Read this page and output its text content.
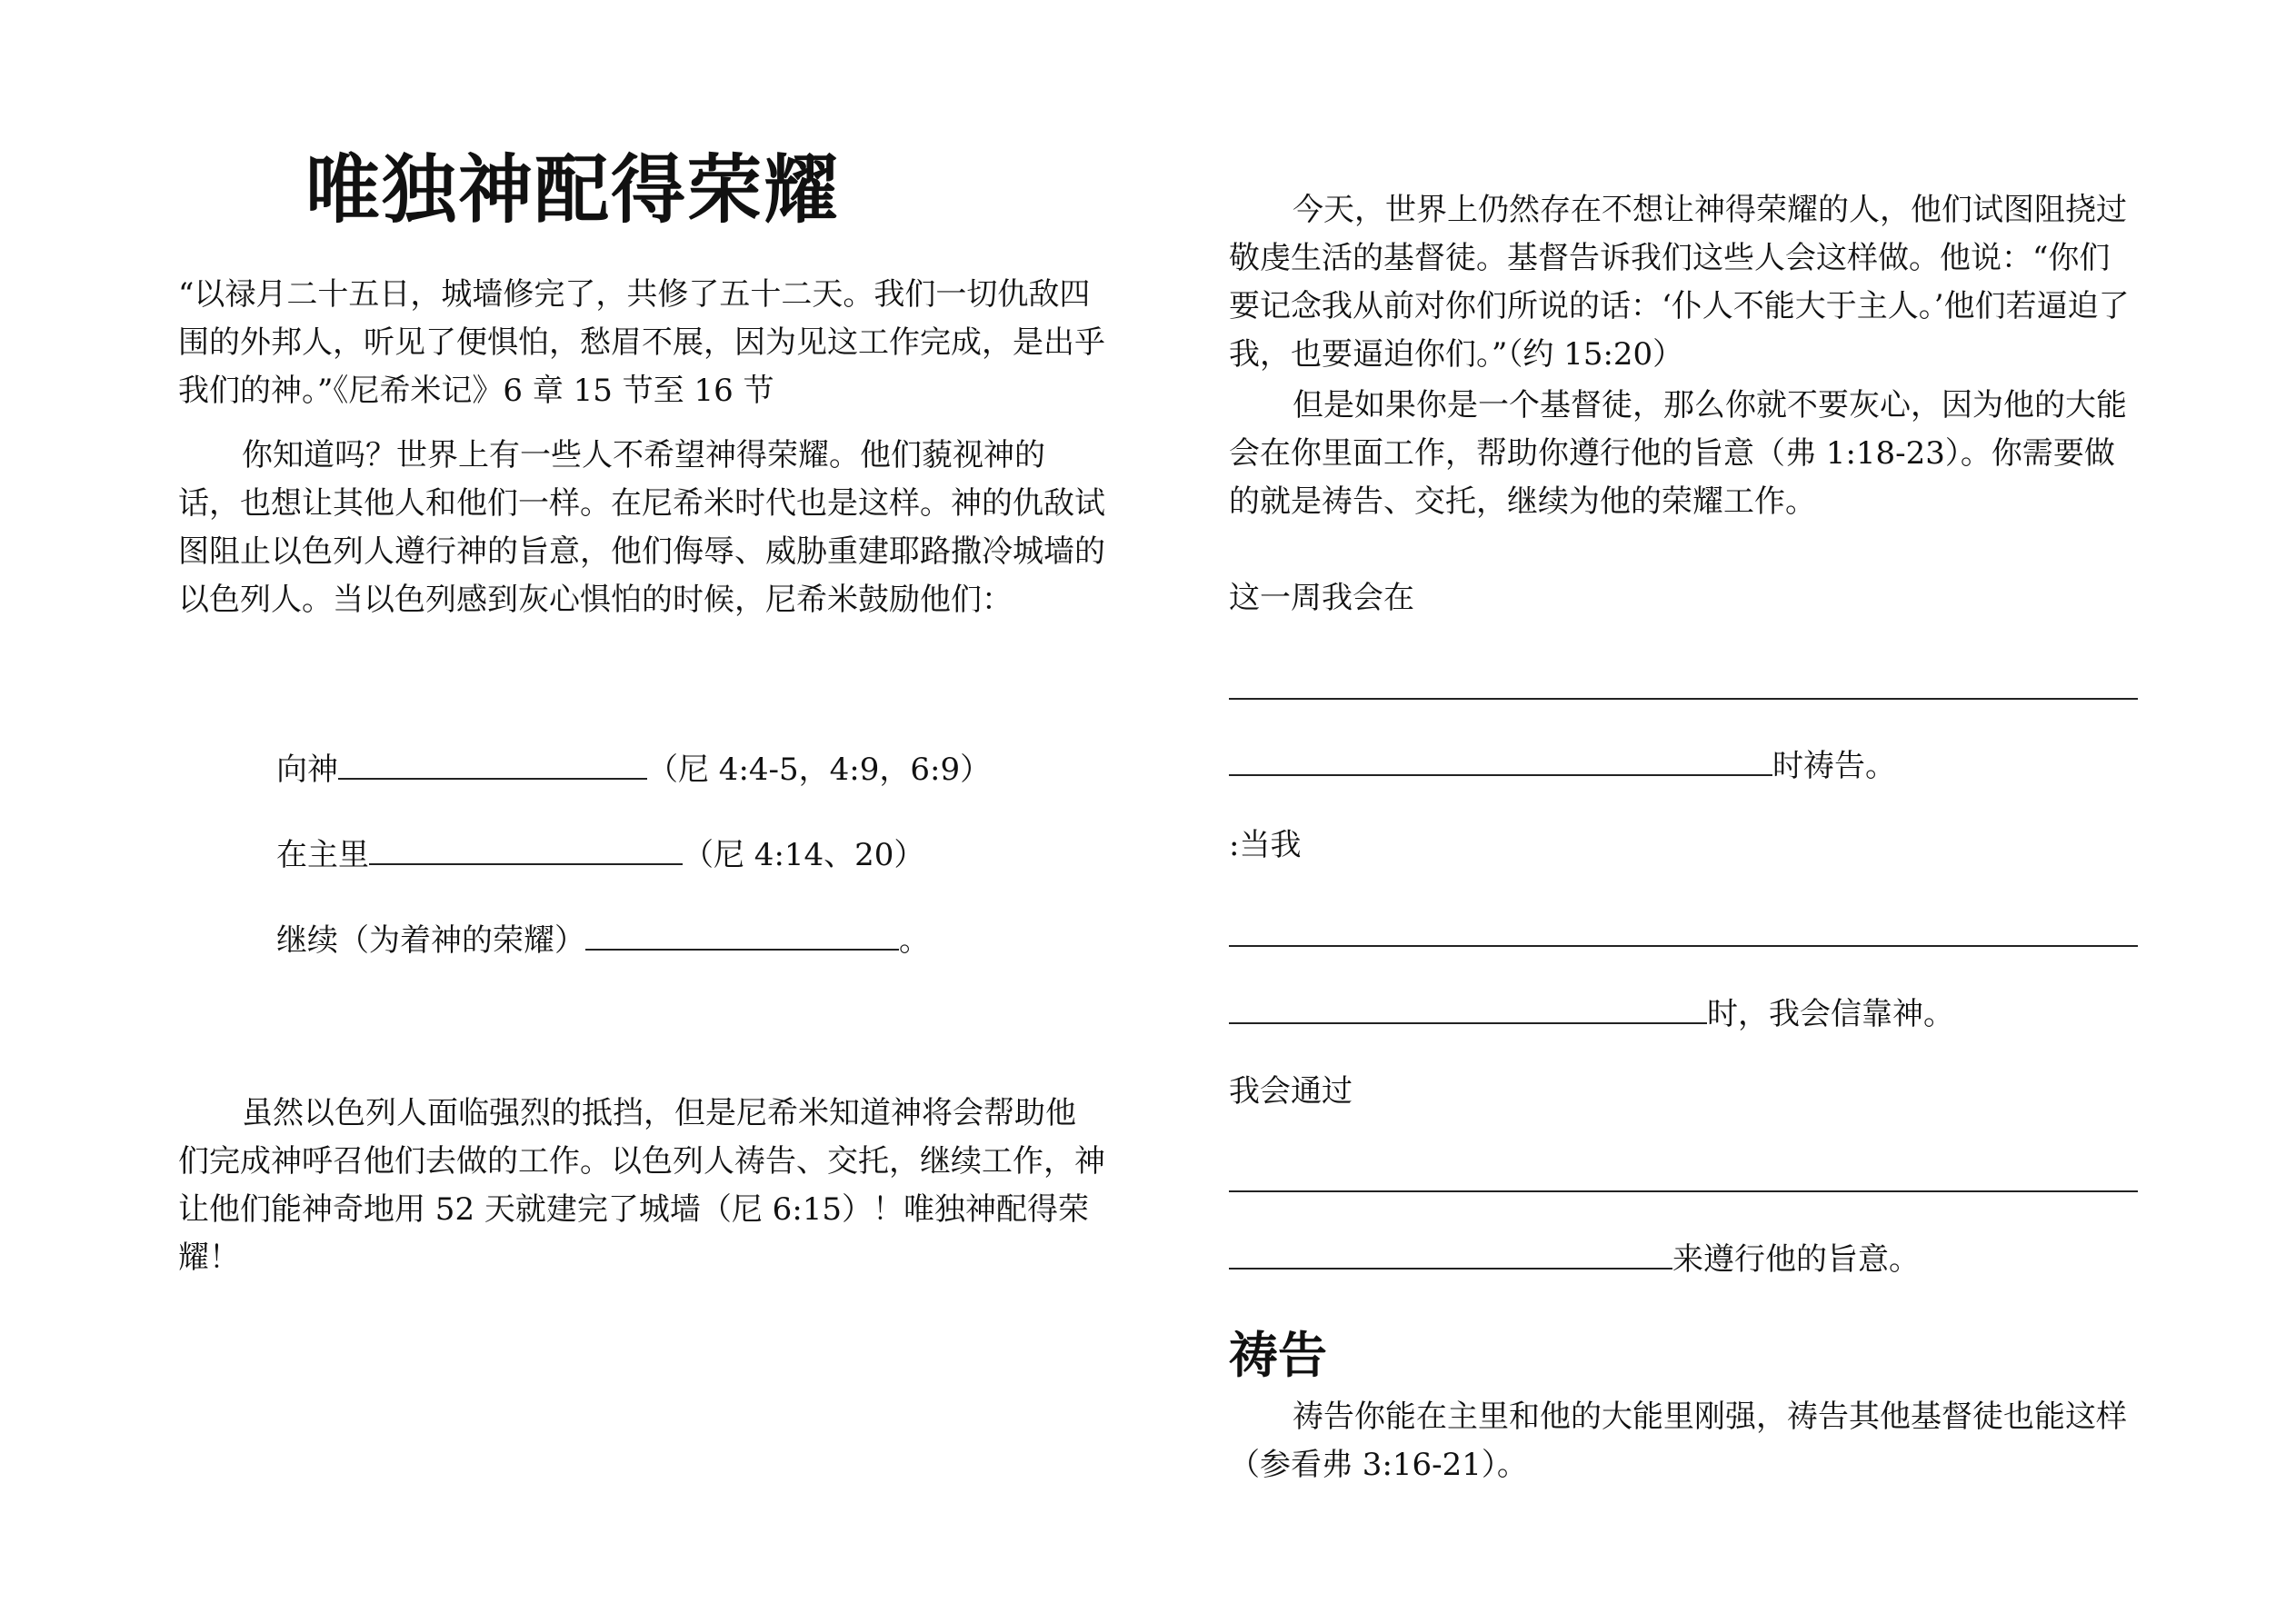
唯独神配得荣耀

“以禄月二十五日，城墙修完了，共修了五十二天。我们一切仇敌四围的外邦人，听见了便惧怕，愁眉不展，因为见这工作完成，是出乎我们的神。”《尼希米记》6 章 15 节至 16 节

你知道吗？世界上有一些人不希望神得荣耀。他们藐视神的话，也想让其他人和他们一样。在尼希米时代也是这样。神的仇敌试图阻止以色列人遵行神的旨意，他们侮辱、威胁重建耶路撒冷城墙的以色列人。当以色列感到灰心惧怕的时候，尼希米鼓励他们：

向神	（尼 4:4-5，4:9，6:9）
在主里	（尼 4:14、20）
继续（为着神的荣耀）	。

虽然以色列人面临强烈的抵挡，但是尼希米知道神将会帮助他们完成神呼召他们去做的工作。以色列人祷告、交托，继续工作，神让他们能神奇地用 52 天就建完了城墙（尼 6:15）！唯独神配得荣耀！

今天，世界上仍然存在不想让神得荣耀的人，他们试图阻挠过敬虔生活的基督徒。基督告诉我们这些人会这样做。他说：“你们要记念我从前对你们所说的话：‘仆人不能大于主人。’他们若逼迫了我，也要逼迫你们。”（约 15:20）

但是如果你是一个基督徒，那么你就不要灰心，因为他的大能会在你里面工作，帮助你遵行他的旨意（弗 1:18-23）。你需要做的就是祷告、交托，继续为他的荣耀工作。

这一周我会在

时祷告。

:当我

时，我会信靠神。

我会通过

来遵行他的旨意。
祷告

祷告你能在主里和他的大能里刚强，祷告其他基督徒也能这样（参看弗 3:16-21）。
